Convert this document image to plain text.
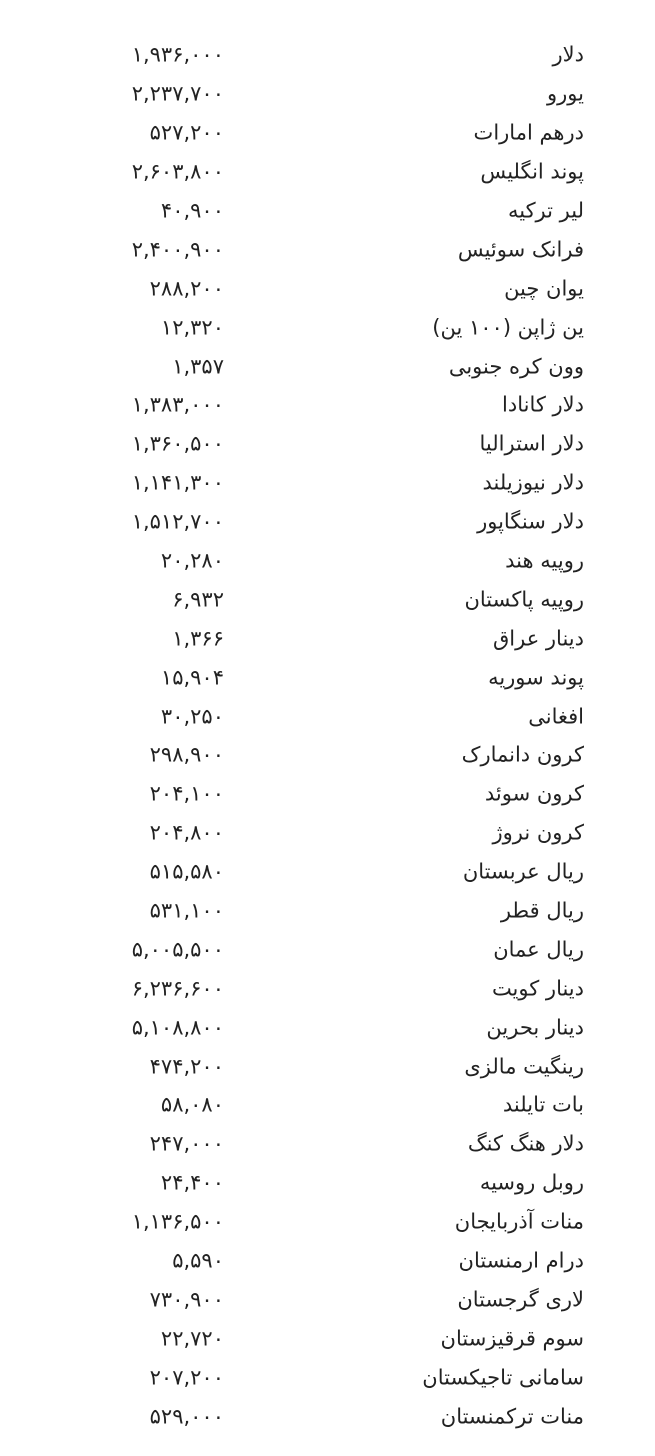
دلار
۱,۹۳۶,۰۰۰
یورو
۲,۲۳۷,۷۰۰
درهم امارات
۵۲۷,۲۰۰
پوند انگلیس
۲,۶۰۳,۸۰۰
لیر ترکیه
۴۰,۹۰۰
فرانک سوئیس
۲,۴۰۰,۹۰۰
یوان چین
۲۸۸,۲۰۰
ین ژاپن (۱۰۰ ین)
۱۲,۳۲۰
وون کره جنوبی
۱,۳۵۷
دلار کانادا
۱,۳۸۳,۰۰۰
دلار استرالیا
۱,۳۶۰,۵۰۰
دلار نیوزیلند
۱,۱۴۱,۳۰۰
دلار سنگاپور
۱,۵۱۲,۷۰۰
روپیه هند
۲۰,۲۸۰
روپیه پاکستان
۶,۹۳۲
دینار عراق
۱,۳۶۶
پوند سوریه
۱۵,۹۰۴
افغانی
۳۰,۲۵۰
کرون دانمارک
۲۹۸,۹۰۰
کرون سوئد
۲۰۴,۱۰۰
کرون نروژ
۲۰۴,۸۰۰
ریال عربستان
۵۱۵,۵۸۰
ریال قطر
۵۳۱,۱۰۰
ریال عمان
۵,۰۰۵,۵۰۰
دینار کویت
۶,۲۳۶,۶۰۰
دینار بحرین
۵,۱۰۸,۸۰۰
رینگیت مالزی
۴۷۴,۲۰۰
بات تایلند
۵۸,۰۸۰
دلار هنگ کنگ
۲۴۷,۰۰۰
روبل روسیه
۲۴,۴۰۰
منات آذربایجان
۱,۱۳۶,۵۰۰
درام ارمنستان
۵,۵۹۰
لاری گرجستان
۷۳۰,۹۰۰
سوم قرقیزستان
۲۲,۷۲۰
سامانی تاجیکستان
۲۰۷,۲۰۰
منات ترکمنستان
۵۲۹,۰۰۰
